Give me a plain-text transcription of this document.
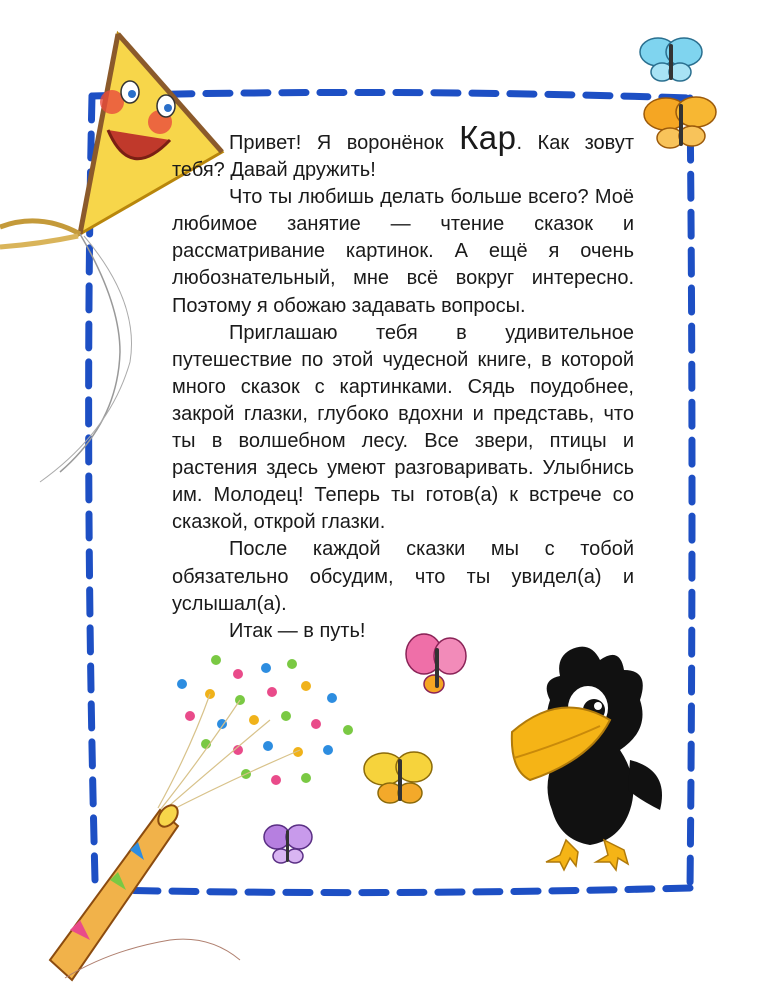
Привет! Я воронёнок Кар. Как зовут тебя? Давай дружить!

Что ты любишь делать больше всего? Моё любимое занятие — чтение сказок и рассматривание картинок. А ещё я очень любознательный, мне всё вокруг интересно. Поэтому я обожаю задавать вопросы.

Приглашаю тебя в удивительное путешествие по этой чудесной книге, в которой много сказок с картинками. Сядь поудобнее, закрой глазки, глубоко вдохни и представь, что ты в волшебном лесу. Все звери, птицы и растения здесь умеют разговаривать. Улыбнись им. Молодец! Теперь ты готов(а) к встрече со сказкой, открой глазки.

После каждой сказки мы с тобой обязательно обсудим, что ты увидел(а) и услышал(а).

Итак — в путь!
